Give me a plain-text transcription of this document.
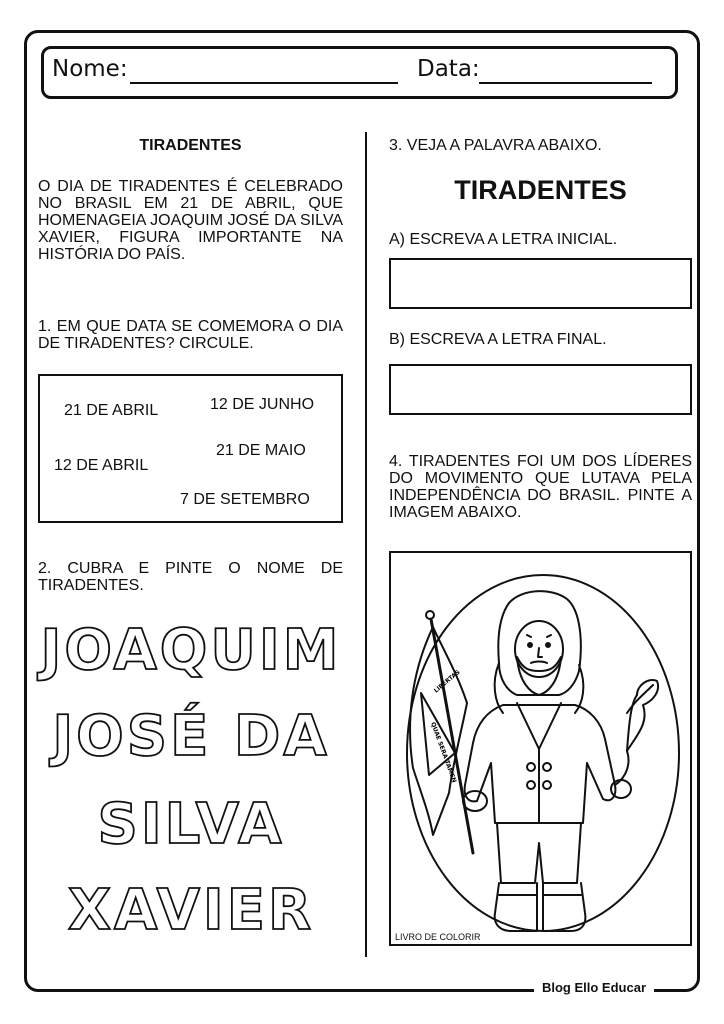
Nome:	Data:
TIRADENTES

O DIA DE TIRADENTES É CELEBRADO NO BRASIL EM 21 DE ABRIL, QUE HOMENAGEIA JOAQUIM JOSÉ DA SILVA XAVIER, FIGURA IMPORTANTE NA HISTÓRIA DO PAÍS.

1. EM QUE DATA SE COMEMORA O DIA DE TIRADENTES? CIRCULE.

21 DE ABRIL	12 DE JUNHO
21 DE MAIO
12 DE ABRIL
7 DE SETEMBRO

2. CUBRA E PINTE O NOME DE TIRADENTES.

JOAQUIM
JOSÉ DA
SILVA
XAVIER
3. VEJA A PALAVRA ABAIXO.
TIRADENTES
A) ESCREVA A LETRA INICIAL.
B) ESCREVA A LETRA FINAL.

4. TIRADENTES FOI UM DOS LÍDERES DO MOVIMENTO QUE LUTAVA PELA INDEPENDÊNCIA DO BRASIL. PINTE A IMAGEM ABAIXO.

LIBERTAS
QUAE SERA TAMEN
LIVRO DE COLORIR
Blog Ello Educar
